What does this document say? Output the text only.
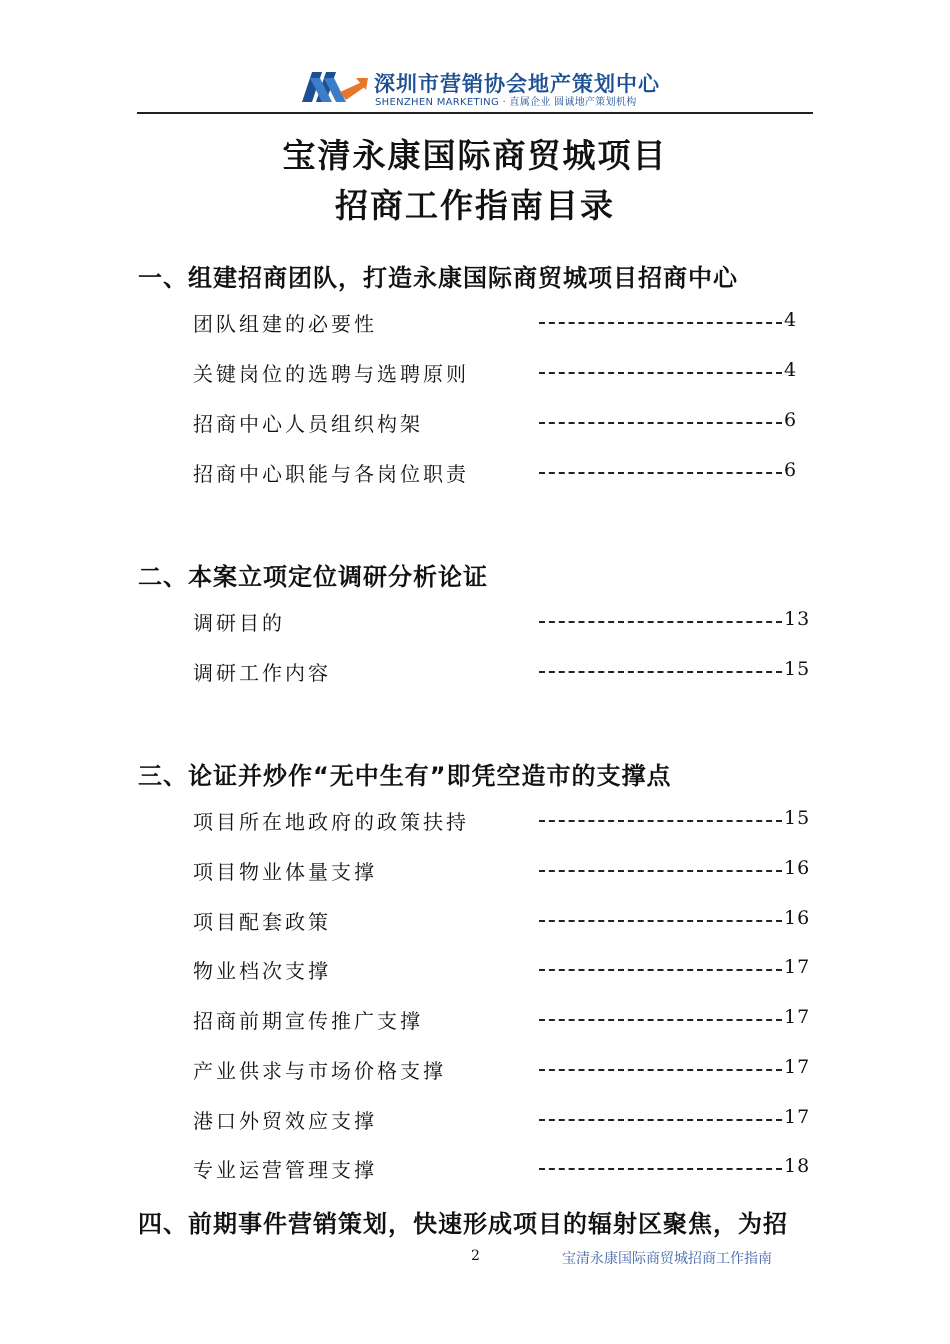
深圳市营销协会地产策划中心
SHENZHEN MARKETING · 直属企业 圆诚地产策划机构
宝清永康国际商贸城项目
招商工作指南目录
一、组建招商团队，打造永康国际商贸城项目招商中心
团队组建的必要性	4
关键岗位的选聘与选聘原则	4
招商中心人员组织构架	6
招商中心职能与各岗位职责	6
二、本案立项定位调研分析论证
调研目的	13
调研工作内容	15
三、论证并炒作“无中生有”即凭空造市的支撑点
项目所在地政府的政策扶持	15
项目物业体量支撑	16
项目配套政策	16
物业档次支撑	17
招商前期宣传推广支撑	17
产业供求与市场价格支撑	17
港口外贸效应支撑	17
专业运营管理支撑	18
四、前期事件营销策划，快速形成项目的辐射区聚焦，为招
2	宝清永康国际商贸城招商工作指南
